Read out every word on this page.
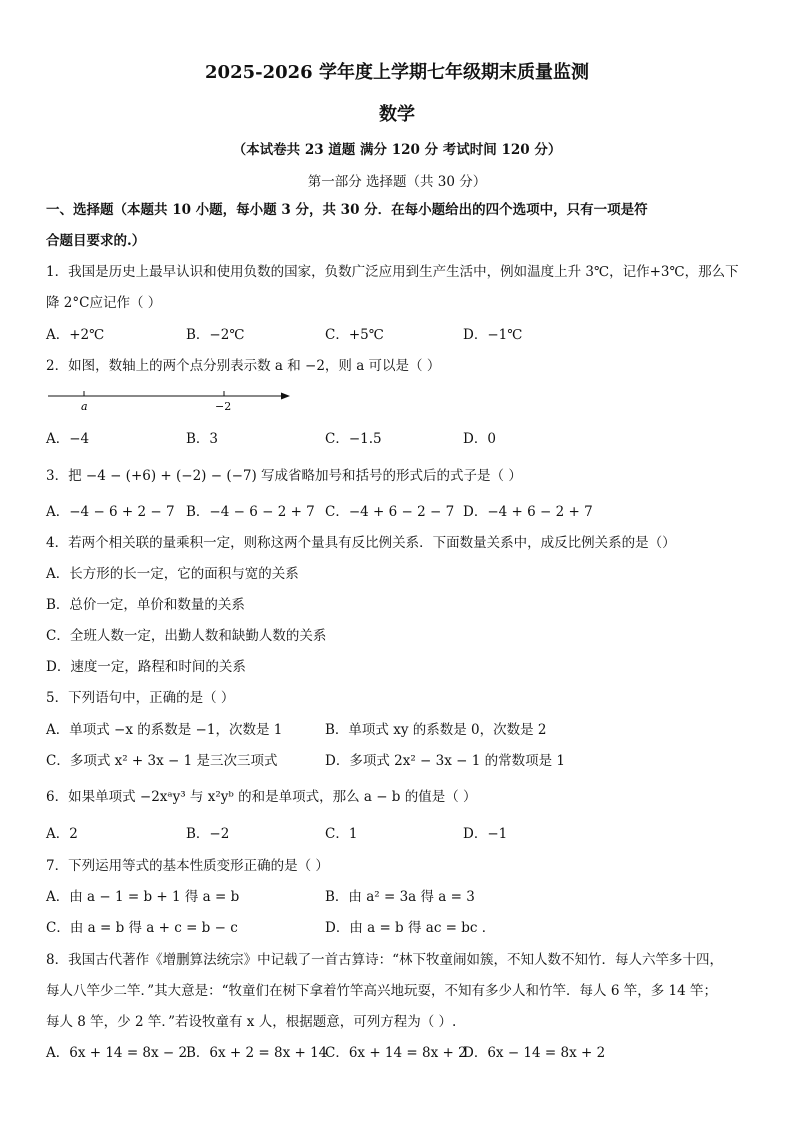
2025-2026 学年度上学期七年级期末质量监测
数学
（本试卷共 23 道题 满分 120 分 考试时间 120 分）
第一部分 选择题（共 30 分）
一、选择题（本题共 10 小题，每小题 3 分，共 30 分．在每小题给出的四个选项中，只有一项是符
合题目要求的.）
1．我国是历史上最早认识和使用负数的国家，负数广泛应用到生产生活中，例如温度上升 3℃，记作+3℃，那么下
降 2°C应记作（ ）
A．+2℃	B．−2℃	C．+5℃	D．−1℃
2．如图，数轴上的两个点分别表示数 a 和 −2，则 a 可以是（ ）
a	−2
A．−4	B．3	C．−1.5	D．0
3．把 −4 − (+6) + (−2) − (−7) 写成省略加号和括号的形式后的式子是（ ）
A．−4 − 6 + 2 − 7 B．−4 − 6 − 2 + 7 C．−4 + 6 − 2 − 7 D．−4 + 6 − 2 + 7
4．若两个相关联的量乘积一定，则称这两个量具有反比例关系．下面数量关系中，成反比例关系的是（）
A．长方形的长一定，它的面积与宽的关系
B．总价一定，单价和数量的关系
C．全班人数一定，出勤人数和缺勤人数的关系
D．速度一定，路程和时间的关系
5．下列语句中，正确的是（ ）
A．单项式 −x 的系数是 −1，次数是 1	B．单项式 xy 的系数是 0，次数是 2
C．多项式 x² + 3x − 1 是三次三项式	D．多项式 2x² − 3x − 1 的常数项是 1
6．如果单项式 −2xᵃy³ 与 x²yᵇ 的和是单项式，那么 a − b 的值是（ ）
A．2	B．−2	C．1	D．−1
7．下列运用等式的基本性质变形正确的是（ ）
A．由 a − 1 = b + 1 得 a = b	B．由 a² = 3a 得 a = 3
C．由 a = b 得 a + c = b − c	D．由 a = b 得 ac = bc ．
8．我国古代著作《增删算法统宗》中记载了一首古算诗：“林下牧童闹如簇，不知人数不知竹．每人六竿多十四，
每人八竿少二竿．”其大意是：“牧童们在树下拿着竹竿高兴地玩耍，不知有多少人和竹竿．每人 6 竿，多 14 竿；
每人 8 竿，少 2 竿．”若设牧童有 x 人，根据题意，可列方程为（ ）.
A．6x + 14 = 8x − 2
B．6x + 2 = 8x + 14
C．6x + 14 = 8x + 2
D．6x − 14 = 8x + 2
